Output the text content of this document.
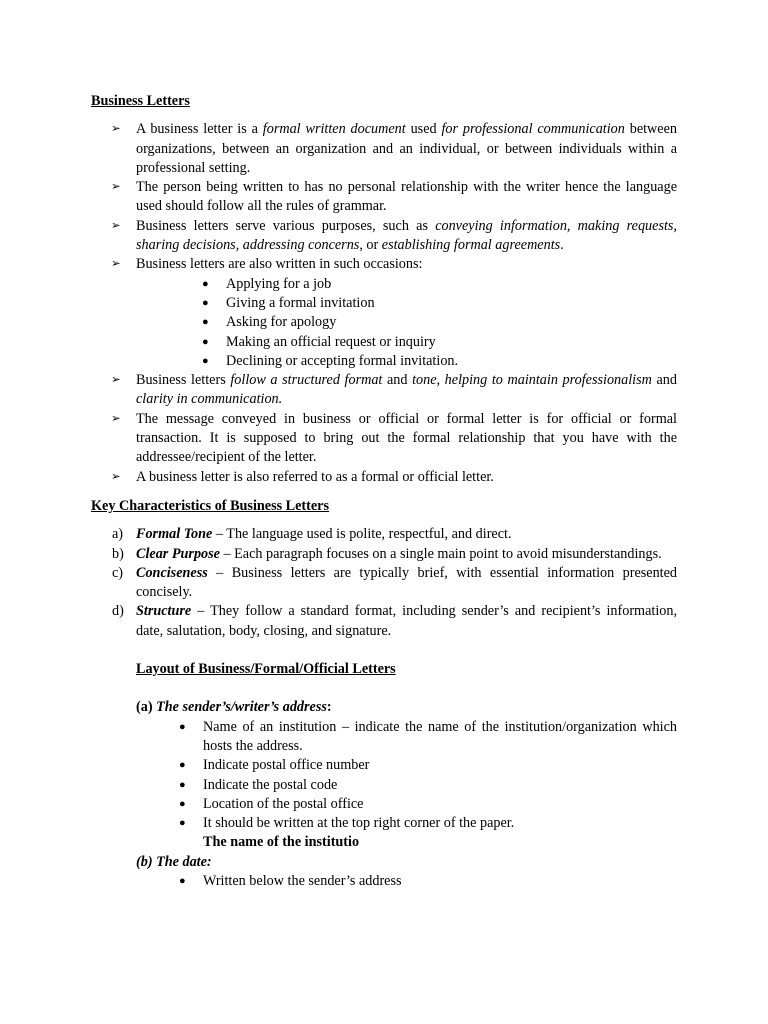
Business Letters

➢ A business letter is a formal written document used for professional communication between organizations, between an organization and an individual, or between individuals within a professional setting.
➢ The person being written to has no personal relationship with the writer hence the language used should follow all the rules of grammar.
➢ Business letters serve various purposes, such as conveying information, making requests, sharing decisions, addressing concerns, or establishing formal agreements.
➢ Business letters are also written in such occasions:
● Applying for a job
● Giving a formal invitation
● Asking for apology
● Making an official request or inquiry
● Declining or accepting formal invitation.
➢ Business letters follow a structured format and tone, helping to maintain professionalism and clarity in communication.
➢ The message conveyed in business or official or formal letter is for official or formal transaction. It is supposed to bring out the formal relationship that you have with the addressee/recipient of the letter.
➢ A business letter is also referred to as a formal or official letter.

Key Characteristics of Business Letters

a) Formal Tone – The language used is polite, respectful, and direct.
b) Clear Purpose – Each paragraph focuses on a single main point to avoid misunderstandings.
c) Conciseness – Business letters are typically brief, with essential information presented concisely.
d) Structure – They follow a standard format, including sender’s and recipient’s information, date, salutation, body, closing, and signature.

Layout of Business/Formal/Official Letters

(a) The sender’s/writer’s address:
● Name of an institution – indicate the name of the institution/organization which hosts the address.
● Indicate postal office number
● Indicate the postal code
● Location of the postal office
● It should be written at the top right corner of the paper.
The name of the institutio
(b) The date:
● Written below the sender’s address
